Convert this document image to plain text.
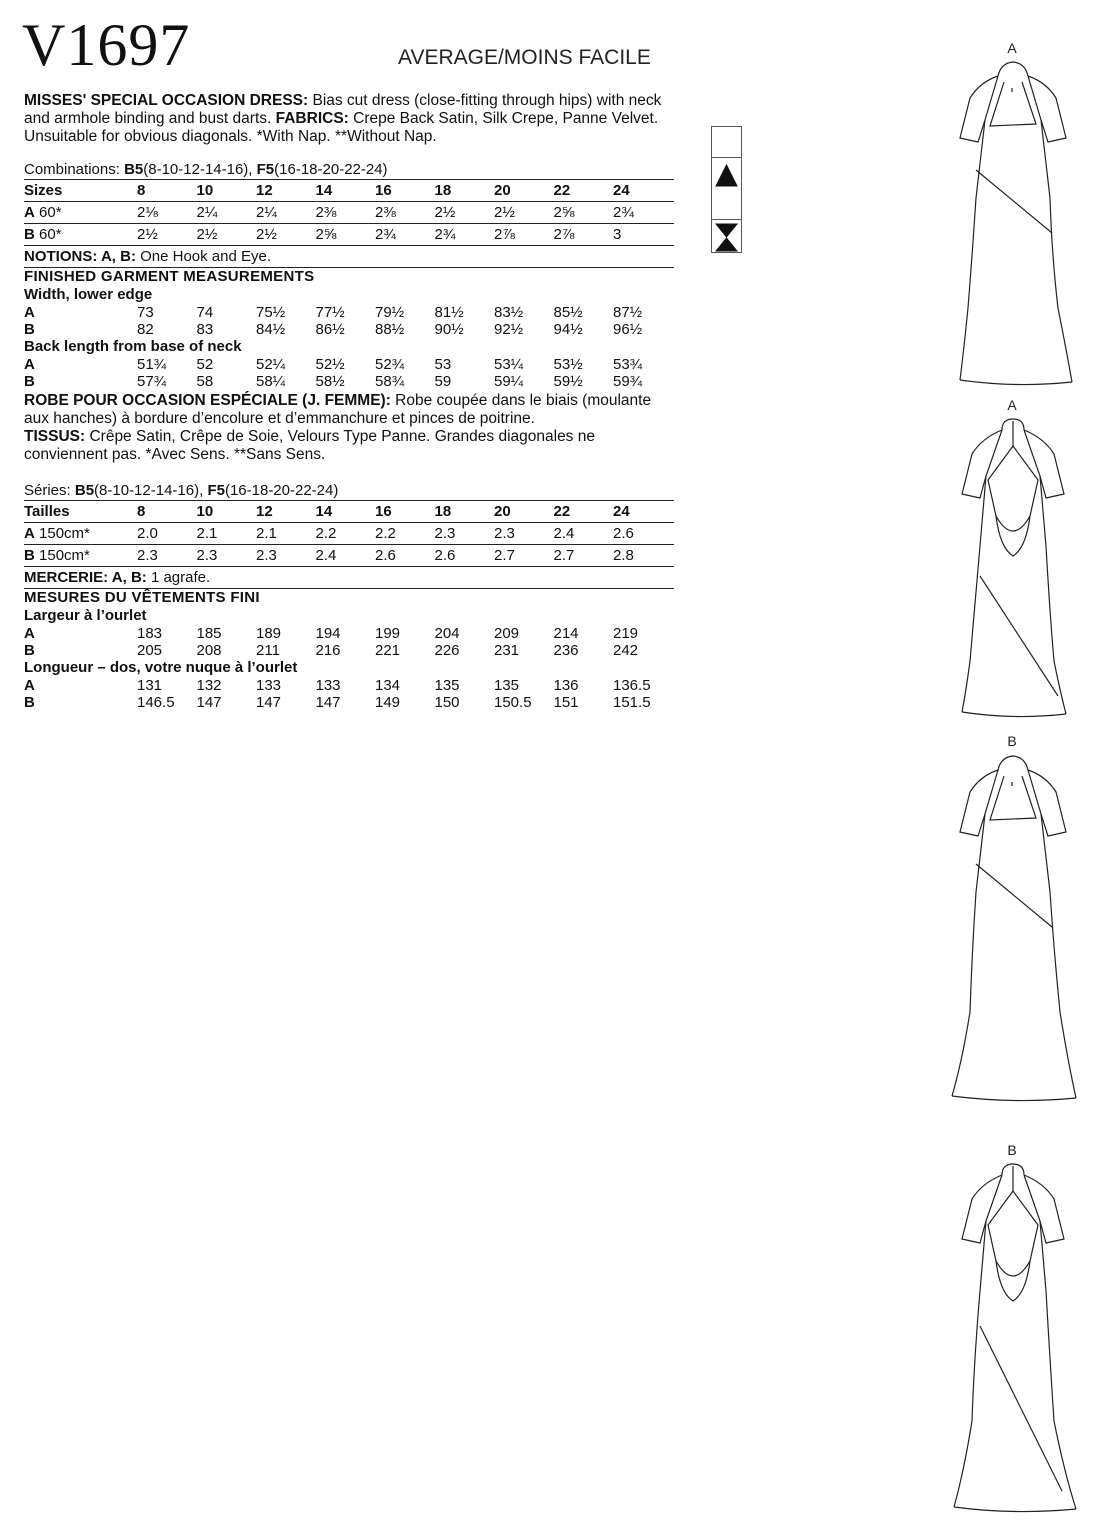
V1697	AVERAGE/MOINS FACILE

MISSES' SPECIAL OCCASION DRESS: Bias cut dress (close-fitting through hips) with neck and armhole binding and bust darts. FABRICS: Crepe Back Satin, Silk Crepe, Panne Velvet. Unsuitable for obvious diagonals. *With Nap. **Without Nap.

Combinations: B5(8-10-12-14-16), F5(16-18-20-22-24)
Sizes	8	10	12	14	16	18	20	22	24
A 60*	2⅛	2¼	2¼	2⅜	2⅜	2½	2½	2⅝	2¾
B 60*	2½	2½	2½	2⅝	2¾	2¾	2⅞	2⅞	3
NOTIONS: A, B: One Hook and Eye.
FINISHED GARMENT MEASUREMENTS
Width, lower edge
A	73	74	75½	77½	79½	81½	83½	85½	87½
B	82	83	84½	86½	88½	90½	92½	94½	96½
Back length from base of neck
A	51¾	52	52¼	52½	52¾	53	53¼	53½	53¾
B	57¾	58	58¼	58½	58¾	59	59¼	59½	59¾

ROBE POUR OCCASION ESPÉCIALE (J. FEMME): Robe coupée dans le biais (moulante aux hanches) à bordure d’encolure et d’emmanchure et pinces de poitrine.
TISSUS: Crêpe Satin, Crêpe de Soie, Velours Type Panne. Grandes diagonales ne conviennent pas. *Avec Sens. **Sans Sens.

Séries: B5(8-10-12-14-16), F5(16-18-20-22-24)
Tailles	8	10	12	14	16	18	20	22	24
A 150cm*	2.0	2.1	2.1	2.2	2.2	2.3	2.3	2.4	2.6
B 150cm*	2.3	2.3	2.3	2.4	2.6	2.6	2.7	2.7	2.8
MERCERIE: A, B: 1 agrafe.
MESURES DU VÊTEMENTS FINI
Largeur à l’ourlet
A	183	185	189	194	199	204	209	214	219
B	205	208	211	216	221	226	231	236	242
Longueur – dos, votre nuque à l’ourlet
A	131	132	133	133	134	135	135	136	136.5
B	146.5	147	147	147	149	150	150.5	151	151.5
A
A
B
B
